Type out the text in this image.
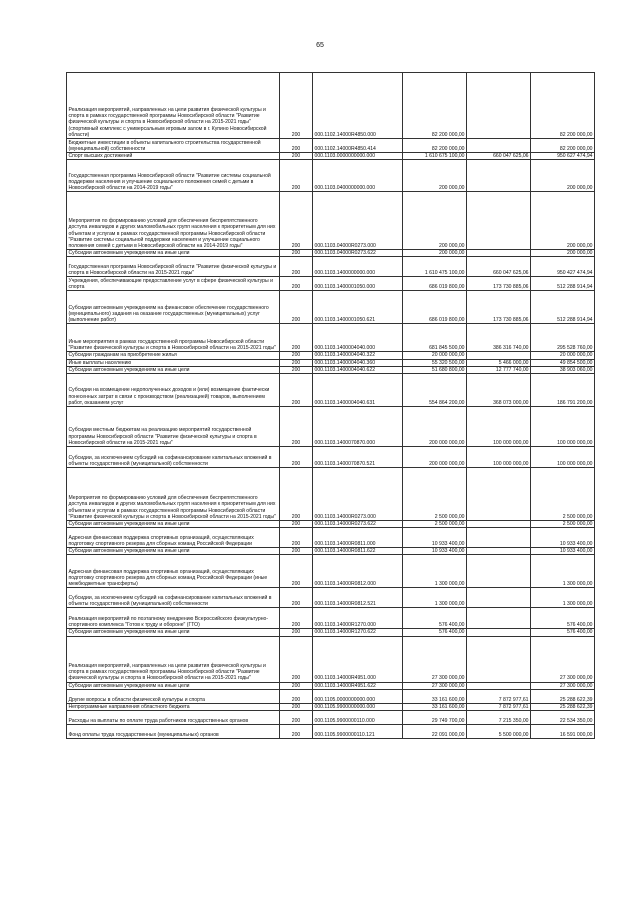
65
Реализация мероприятий, направленных на цели развития физической культуры и спорта в рамках государственной программы Новосибирской области "Развитие физической культуры и спорта в Новосибирской области на 2015-2021 годы" (спортивный комплекс с универсальным игровым залом в г. Купино Новосибирской области)	200	000.1102.14000R4850.000	82 200 000,00		82 200 000,00
Бюджетные инвестиции в объекты капитального строительства государственной (муниципальной) собственности	200	000.1102.14000R4850.414	82 200 000,00		82 200 000,00
Спорт высших достижений	200	000.1103.0000000000.000	1 610 675 100,00	660 047 625,06	950 627 474,94
Государственная программа Новосибирской области "Развитие системы социальной поддержки населения и улучшение социального положения семей с детьми в Новосибирской области на 2014-2019 годы"	200	000.1103.0400000000.000	200 000,00		200 000,00
Мероприятия по формированию условий для обеспечения беспрепятственного доступа инвалидов и других маломобильных групп населения к приоритетным для них объектам и услугам в рамках государственной программы Новосибирской области "Развитие системы социальной поддержки населения и улучшение социального положения семей с детьми в Новосибирской области на 2014-2019 годы"	200	000.1103.04000R0273.000	200 000,00		200 000,00
Субсидии автономным учреждениям на иные цели	200	000.1103.04000R0273.622	200 000,00		200 000,00
Государственная программа Новосибирской области "Развитие физической культуры и спорта в Новосибирской области на 2015-2021 годы"	200	000.1103.1400000000.000	1 610 475 100,00	660 047 625,06	950 427 474,94
Учреждения, обеспечивающие предоставление услуг в сфере физической культуры и спорта	200	000.1103.1400001050.000	686 019 800,00	173 730 885,06	512 288 914,94
Субсидии автономным учреждениям на финансовое обеспечение государственного (муниципального) задания на оказание государственных (муниципальных) услуг (выполнение работ)	200	000.1103.1400001050.621	686 019 800,00	173 730 885,06	512 288 914,94
Иные мероприятия в рамках государственной программы Новосибирской области "Развитие физической культуры и спорта в Новосибирской области на 2015-2021 годы"	200	000.1103.1400004040.000	681 845 500,00	386 316 740,00	295 528 760,00
Субсидии гражданам на приобретение жилья	200	000.1103.1400004040.322	20 000 000,00		20 000 000,00
Иные выплаты населению	200	000.1103.1400004040.360	55 320 500,00	5 466 000,00	49 854 500,00
Субсидии автономным учреждениям на иные цели	200	000.1103.1400004040.622	51 680 800,00	12 777 740,00	38 903 060,00
Субсидии на возмещение недополученных доходов и (или) возмещение фактически понесенных затрат в связи с производством (реализацией) товаров, выполнением работ, оказанием услуг	200	000.1103.1400004040.631	554 864 200,00	368 073 000,00	186 791 200,00
Субсидии местным бюджетам на реализацию мероприятий государственной программы Новосибирской области "Развитие физической культуры и спорта в Новосибирской области на 2015-2021 годы"	200	000.1103.1400070870.000	200 000 000,00	100 000 000,00	100 000 000,00
Субсидии, за исключением субсидий на софинансирование капитальных вложений в объекты государственной (муниципальной) собственности	200	000.1103.1400070870.521	200 000 000,00	100 000 000,00	100 000 000,00
Мероприятия по формированию условий для обеспечения беспрепятственного доступа инвалидов и других маломобильных групп населения к приоритетным для них объектам и услугам в рамках государственной программы Новосибирской области "Развитие физической культуры и спорта в Новосибирской области на 2015-2021 годы"	200	000.1103.14000R0273.000	2 500 000,00		2 500 000,00
Субсидии автономным учреждениям на иные цели	200	000.1103.14000R0273.622	2 500 000,00		2 500 000,00
Адресная финансовая поддержка спортивных организаций, осуществляющих подготовку спортивного резерва для сборных команд Российской Федерации	200	000.1103.14000R0811.000	10 933 400,00		10 933 400,00
Субсидии автономным учреждениям на иные цели	200	000.1103.14000R0811.622	10 933 400,00		10 933 400,00
Адресная финансовая поддержка спортивных организаций, осуществляющих подготовку спортивного резерва для сборных команд Российской Федерации (иные межбюджетные трансферты)	200	000.1103.14000R0812.000	1 300 000,00		1 300 000,00
Субсидии, за исключением субсидий на софинансирование капитальных вложений в объекты государственной (муниципальной) собственности	200	000.1103.14000R0812.521	1 300 000,00		1 300 000,00
Реализация мероприятий по поэтапному внедрению Всероссийского физкультурно-спортивного комплекса "Готов к труду и обороне" (ГТО)	200	000.1103.14000R1270.000	576 400,00		576 400,00
Субсидии автономным учреждениям на иные цели	200	000.1103.14000R1270.622	576 400,00		576 400,00
Реализация мероприятий, направленных на цели развития физической культуры и спорта в рамках государственной программы Новосибирской области "Развитие физической культуры и спорта в Новосибирской области на 2015-2021 годы"	200	000.1103.14000R4951.000	27 300 000,00		27 300 000,00
Субсидии автономным учреждениям на иные цели	200	000.1103.14000R4951.622	27 300 000,00		27 300 000,00
Другие вопросы в области физической культуры и спорта	200	000.1105.0000000000.000	33 161 600,00	7 872 977,61	25 288 622,39
Непрограммные направления областного бюджета	200	000.1105.9900000000.000	33 161 600,00	7 872 977,61	25 288 622,39
Расходы на выплаты по оплате труда работников государственных органов	200	000.1105.9900000110.000	29 749 700,00	7 215 350,00	22 534 350,00
Фонд оплаты труда государственных (муниципальных) органов	200	000.1105.9900000110.121	22 091 000,00	5 500 000,00	16 591 000,00
